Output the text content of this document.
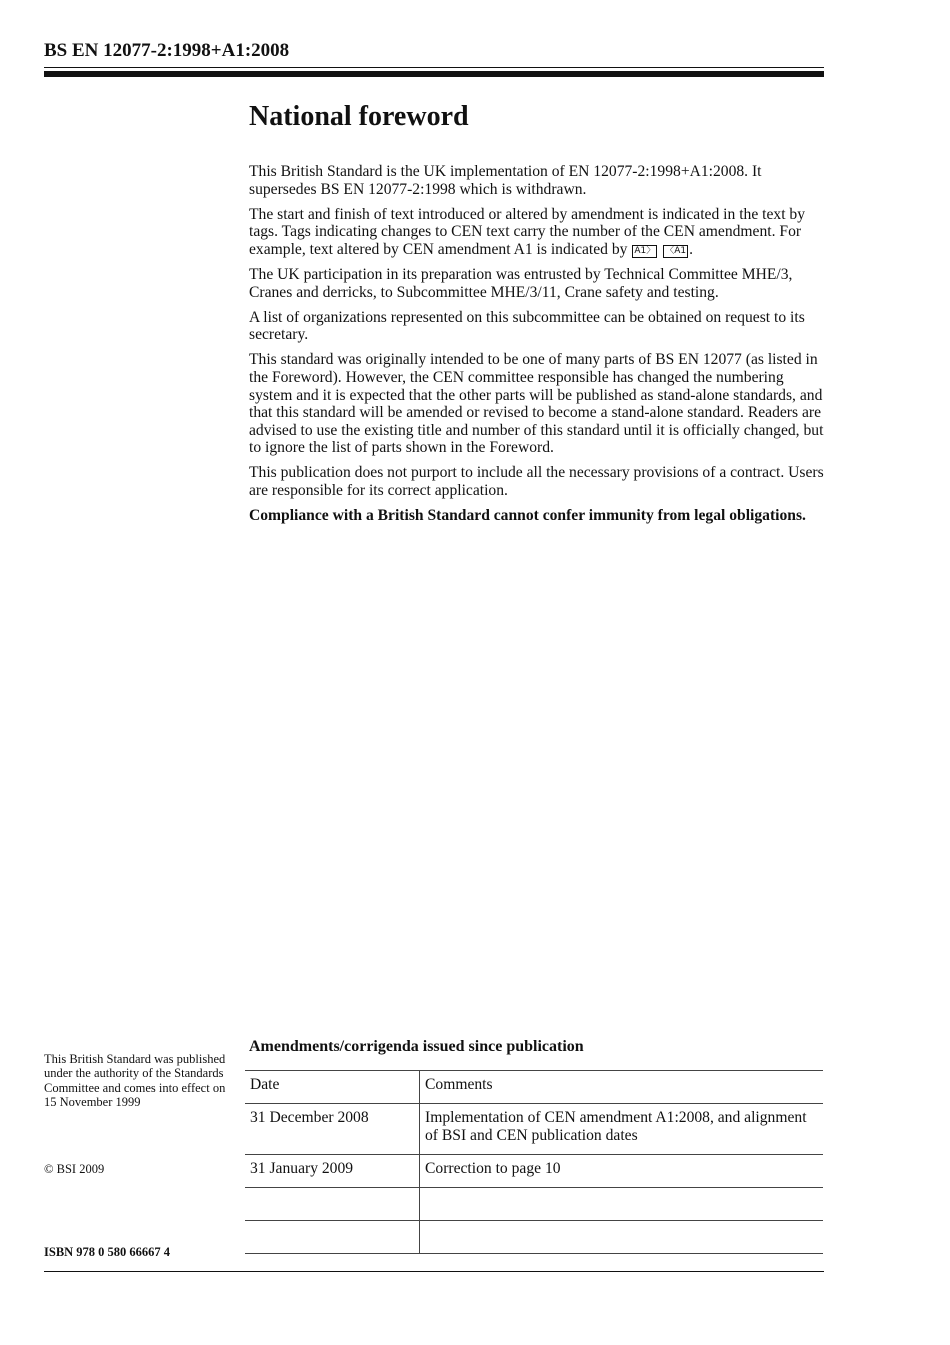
BS EN 12077-2:1998+A1:2008
National foreword

This British Standard is the UK implementation of EN 12077-2:1998+A1:2008. It supersedes BS EN 12077-2:1998 which is withdrawn.

The start and finish of text introduced or altered by amendment is indicated in the text by tags. Tags indicating changes to CEN text carry the number of the CEN amendment. For example, text altered by CEN amendment A1 is indicated by A1〉 〈A1 .

The UK participation in its preparation was entrusted by Technical Committee MHE/3, Cranes and derricks, to Subcommittee MHE/3/11, Crane safety and testing.

A list of organizations represented on this subcommittee can be obtained on request to its secretary.

This standard was originally intended to be one of many parts of BS EN 12077 (as listed in the Foreword). However, the CEN committee responsible has changed the numbering system and it is expected that the other parts will be published as stand-alone standards, and that this standard will be amended or revised to become a stand-alone standard. Readers are advised to use the existing title and number of this standard until it is officially changed, but to ignore the list of parts shown in the Foreword.

This publication does not purport to include all the necessary provisions of a contract. Users are responsible for its correct application.

Compliance with a British Standard cannot confer immunity from legal obligations.

This British Standard was published under the authority of the Standards Committee and comes into effect on 15 November 1999
© BSI 2009
ISBN 978 0 580 66667 4
Amendments/corrigenda issued since publication
Date	Comments
31 December 2008	Implementation of CEN amendment A1:2008, and alignment of BSI and CEN publication dates
31 January 2009	Correction to page 10
